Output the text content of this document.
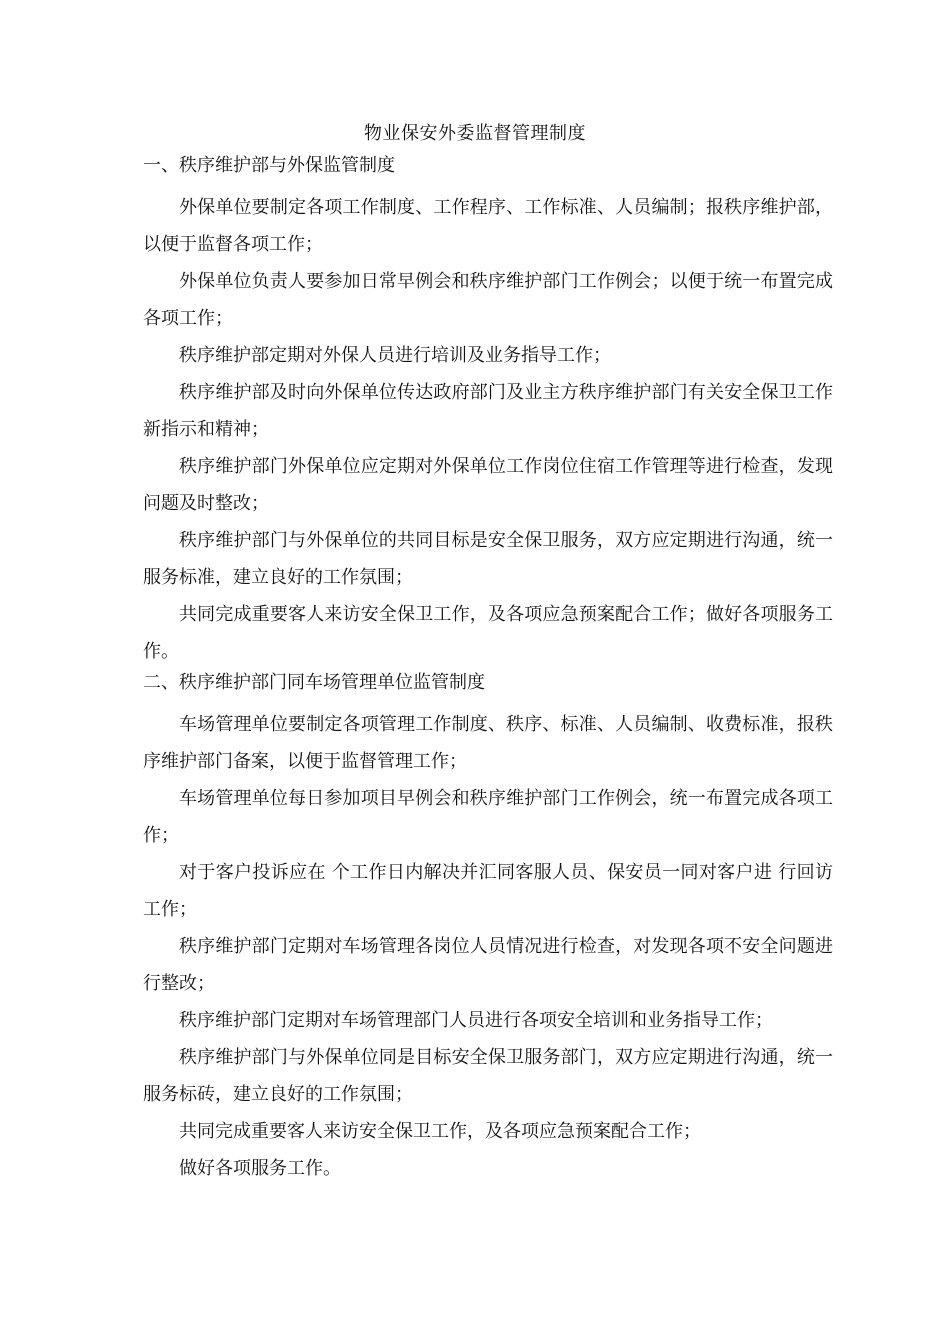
物业保安外委监督管理制度
一、秩序维护部与外保监管制度
外保单位要制定各项工作制度、工作程序、工作标准、人员编制；报秩序维护部，以便于监督各项工作；
外保单位负责人要参加日常早例会和秩序维护部门工作例会；以便于统一布置完成各项工作；
秩序维护部定期对外保人员进行培训及业务指导工作；
秩序维护部及时向外保单位传达政府部门及业主方秩序维护部门有关安全保卫工作新指示和精神；
秩序维护部门外保单位应定期对外保单位工作岗位住宿工作管理等进行检查，发现问题及时整改；
秩序维护部门与外保单位的共同目标是安全保卫服务，双方应定期进行沟通，统一服务标准，建立良好的工作氛围；
共同完成重要客人来访安全保卫工作，及各项应急预案配合工作；做好各项服务工作。
二、秩序维护部门同车场管理单位监管制度
车场管理单位要制定各项管理工作制度、秩序、标准、人员编制、收费标准，报秩序维护部门备案，以便于监督管理工作；
车场管理单位每日参加项目早例会和秩序维护部门工作例会，统一布置完成各项工作；
对于客户投诉应在 个工作日内解决并汇同客服人员、保安员一同对客户进 行回访工作；
秩序维护部门定期对车场管理各岗位人员情况进行检查，对发现各项不安全问题进行整改；
秩序维护部门定期对车场管理部门人员进行各项安全培训和业务指导工作；
秩序维护部门与外保单位同是目标安全保卫服务部门，双方应定期进行沟通，统一服务标砖，建立良好的工作氛围；
共同完成重要客人来访安全保卫工作，及各项应急预案配合工作；
做好各项服务工作。
